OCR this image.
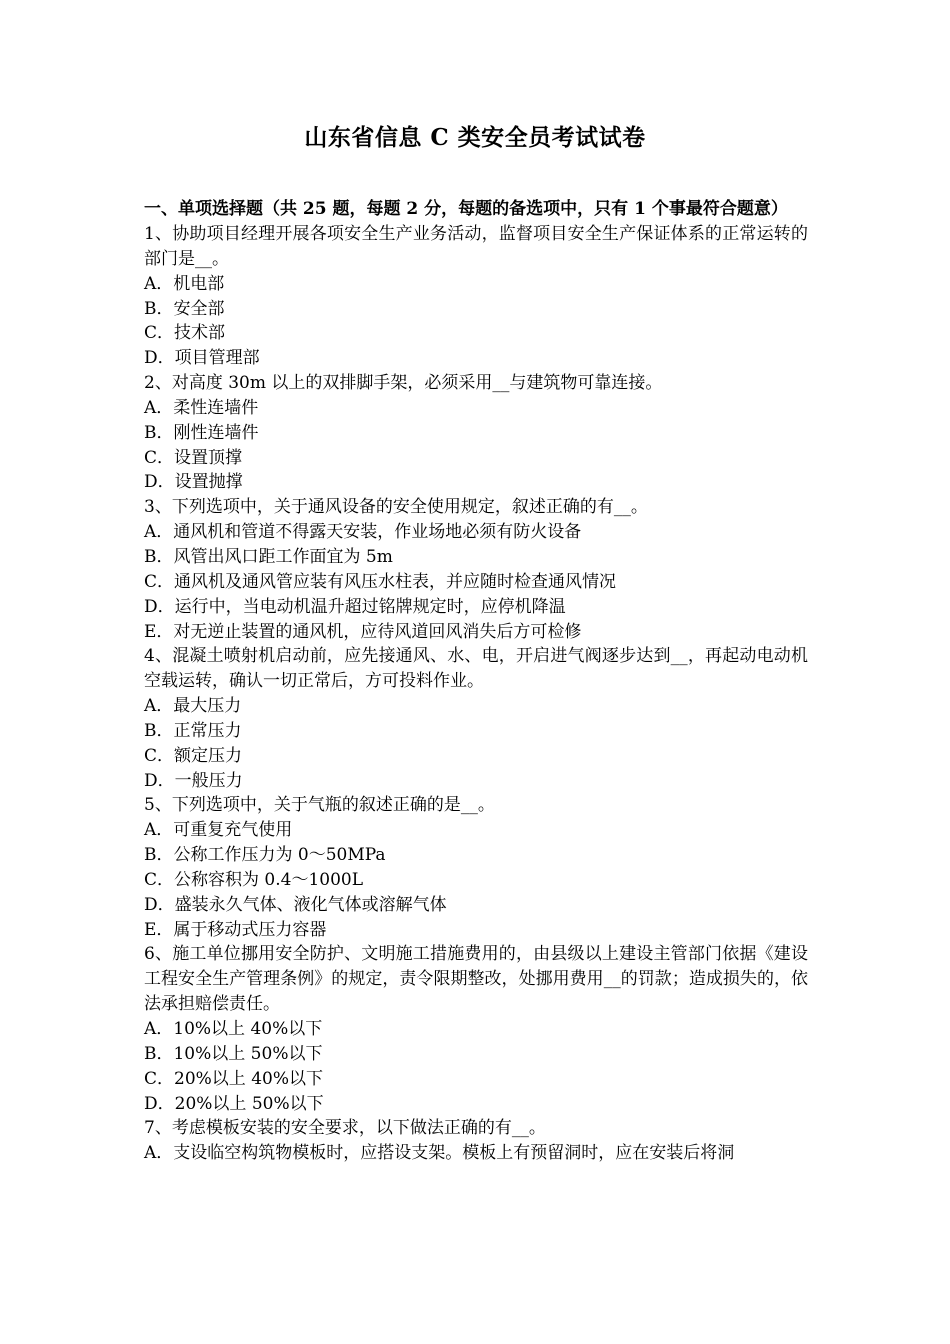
山东省信息 C 类安全员考试试卷

一、单项选择题（共 25 题，每题 2 分，每题的备选项中，只有 1 个事最符合题意）

1、协助项目经理开展各项安全生产业务活动，监督项目安全生产保证体系的正常运转的部门是__。

A．机电部

B．安全部

C．技术部

D．项目管理部

2、对高度 30m 以上的双排脚手架，必须采用__与建筑物可靠连接。

A．柔性连墙件

B．刚性连墙件

C．设置顶撑

D．设置抛撑

3、下列选项中，关于通风设备的安全使用规定，叙述正确的有__。

A．通风机和管道不得露天安装，作业场地必须有防火设备

B．风管出风口距工作面宜为 5m

C．通风机及通风管应装有风压水柱表，并应随时检查通风情况

D．运行中，当电动机温升超过铭牌规定时，应停机降温

E．对无逆止装置的通风机，应待风道回风消失后方可检修

4、混凝土喷射机启动前，应先接通风、水、电，开启进气阀逐步达到__，再起动电动机空载运转，确认一切正常后，方可投料作业。

A．最大压力

B．正常压力

C．额定压力

D．一般压力

5、下列选项中，关于气瓶的叙述正确的是__。

A．可重复充气使用

B．公称工作压力为 0～50MPa

C．公称容积为 0.4～1000L

D．盛装永久气体、液化气体或溶解气体

E．属于移动式压力容器

6、施工单位挪用安全防护、文明施工措施费用的，由县级以上建设主管部门依据《建设工程安全生产管理条例》的规定，责令限期整改，处挪用费用__的罚款；造成损失的，依法承担赔偿责任。

A．10%以上 40%以下

B．10%以上 50%以下

C．20%以上 40%以下

D．20%以上 50%以下

7、考虑模板安装的安全要求，以下做法正确的有__。

A．支设临空构筑物模板时，应搭设支架。模板上有预留洞时，应在安装后将洞
